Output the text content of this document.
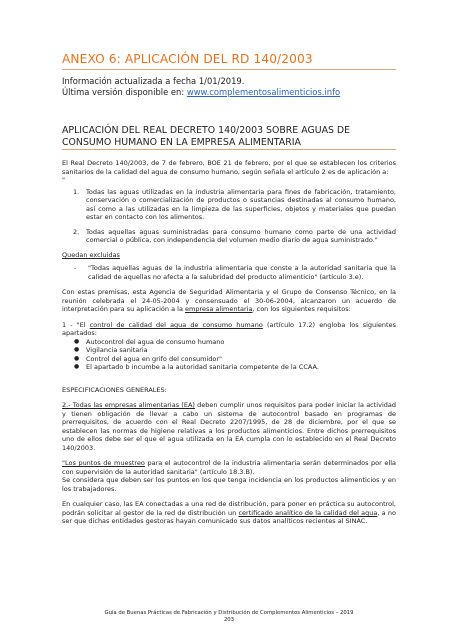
ANEXO 6: APLICACIÓN DEL RD 140/2003
Información actualizada a fecha 1/01/2019.
Última versión disponible en: www.complementosalimenticios.info
APLICACIÓN DEL REAL DECRETO 140/2003 SOBRE AGUAS DE CONSUMO HUMANO EN LA EMPRESA ALIMENTARIA

El Real Decreto 140/2003, de 7 de febrero, BOE 21 de febrero, por el que se establecen los criterios sanitarios de la calidad del agua de consumo humano, según señala el artículo 2 es de aplicación a:
"

1. Todas las aguas utilizadas en la industria alimentaria para fines de fabricación, tratamiento, conservación o comercialización de productos o sustancias destinadas al consumo humano, así como a las utilizadas en la limpieza de las superficies, objetos y materiales que puedan estar en contacto con los alimentos.
2. Todas aquellas aguas suministradas para consumo humano como parte de una actividad comercial o pública, con independencia del volumen medio diario de agua suministrado."

Quedan excluidas

- "Todas aquellas aguas de la industria alimentaria que conste a la autoridad sanitaria que la calidad de aquellas no afecta a la salubridad del producto alimenticio" (artículo 3.e).

Con estas premisas, esta Agencia de Seguridad Alimentaria y el Grupo de Consenso Técnico, en la reunión celebrada el 24-05-2004 y consensuado el 30-06-2004, alcanzaron un acuerdo de interpretación para su aplicación a la empresa alimentaria, con los siguientes requisitos:

1 - "El control de calidad del agua de consumo humano (artículo 17.2) engloba los siguientes apartados:

● Autocontrol del agua de consumo humano
● Vigilancia sanitaria
● Control del agua en grifo del consumidor"
● El apartado b incumbe a la autoridad sanitaria competente de la CCAA.

ESPECIFICACIONES GENERALES:

2.- Todas las empresas alimentarias (EA) deben cumplir unos requisitos para poder iniciar la actividad y tienen obligación de llevar a cabo un sistema de autocontrol basado en programas de prerrequisitos, de acuerdo con el Real Decreto 2207/1995, de 28 de diciembre, por el que se establecen las normas de higiene relativas a los productos alimenticios. Entre dichos prerrequisitos uno de ellos debe ser el que el agua utilizada en la EA cumpla con lo establecido en el Real Decreto 140/2003.

"Los puntos de muestreo para el autocontrol de la industria alimentaria serán determinados por ella con supervisión de la autoridad sanitaria" (artículo 18.3.B).
Se considera que deben ser los puntos en los que tenga incidencia en los productos alimenticios y en los trabajadores.

En cualquier caso, las EA conectadas a una red de distribución, para poner en práctica su autocontrol, podrán solicitar al gestor de la red de distribución un certificado analítico de la calidad del agua, a no ser que dichas entidades gestoras hayan comunicado sus datos analíticos recientes al SINAC.

Guía de Buenas Prácticas de Fabricación y Distribución de Complementos Alimenticios – 2019
203
